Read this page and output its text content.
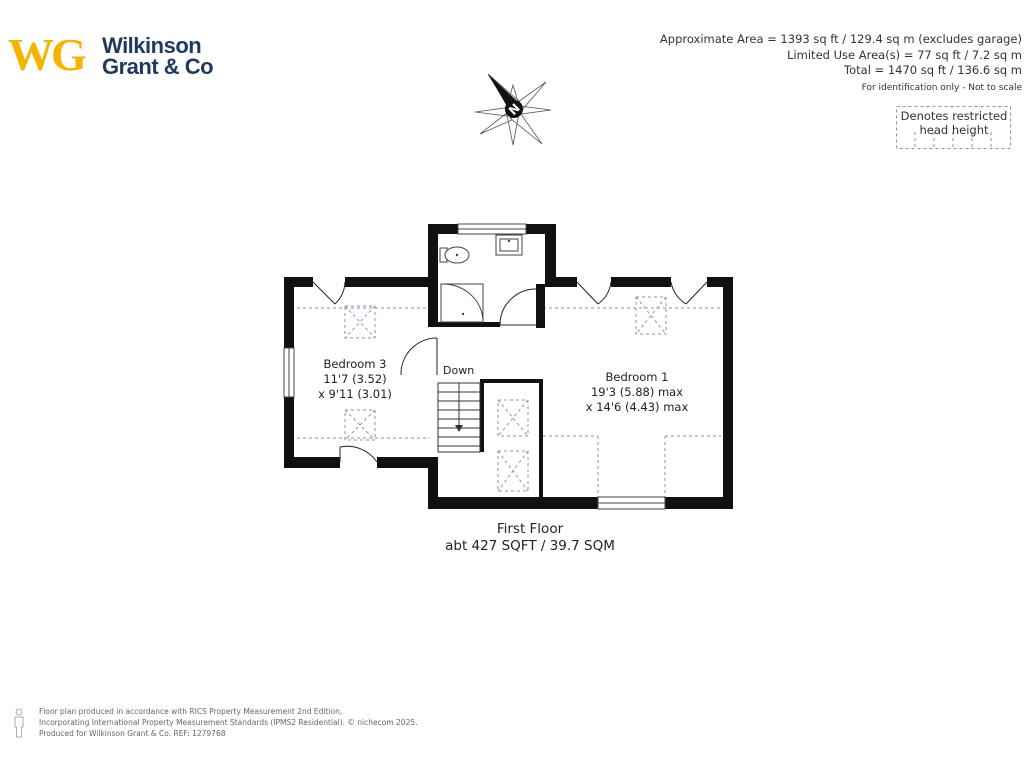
WG Wilkinson
Grant & Co
Approximate Area = 1393 sq ft / 129.4 sq m (excludes garage)
Limited Use Area(s) = 77 sq ft / 7.2 sq m
Total = 1470 sq ft / 136.6 sq m
For identification only - Not to scale
Denotes restricted
head height
N
Bedroom 3
11'7 (3.52)
x 9'11 (3.01)
Bedroom 1
19'3 (5.88) max
x 14'6 (4.43) max
Down
First Floor
abt 427 SQFT / 39.7 SQM
Floor plan produced in accordance with RICS Property Measurement 2nd Edition,
Incorporating International Property Measurement Standards (IPMS2 Residential). © nichecom 2025.
Produced for Wilkinson Grant & Co. REF: 1279768
